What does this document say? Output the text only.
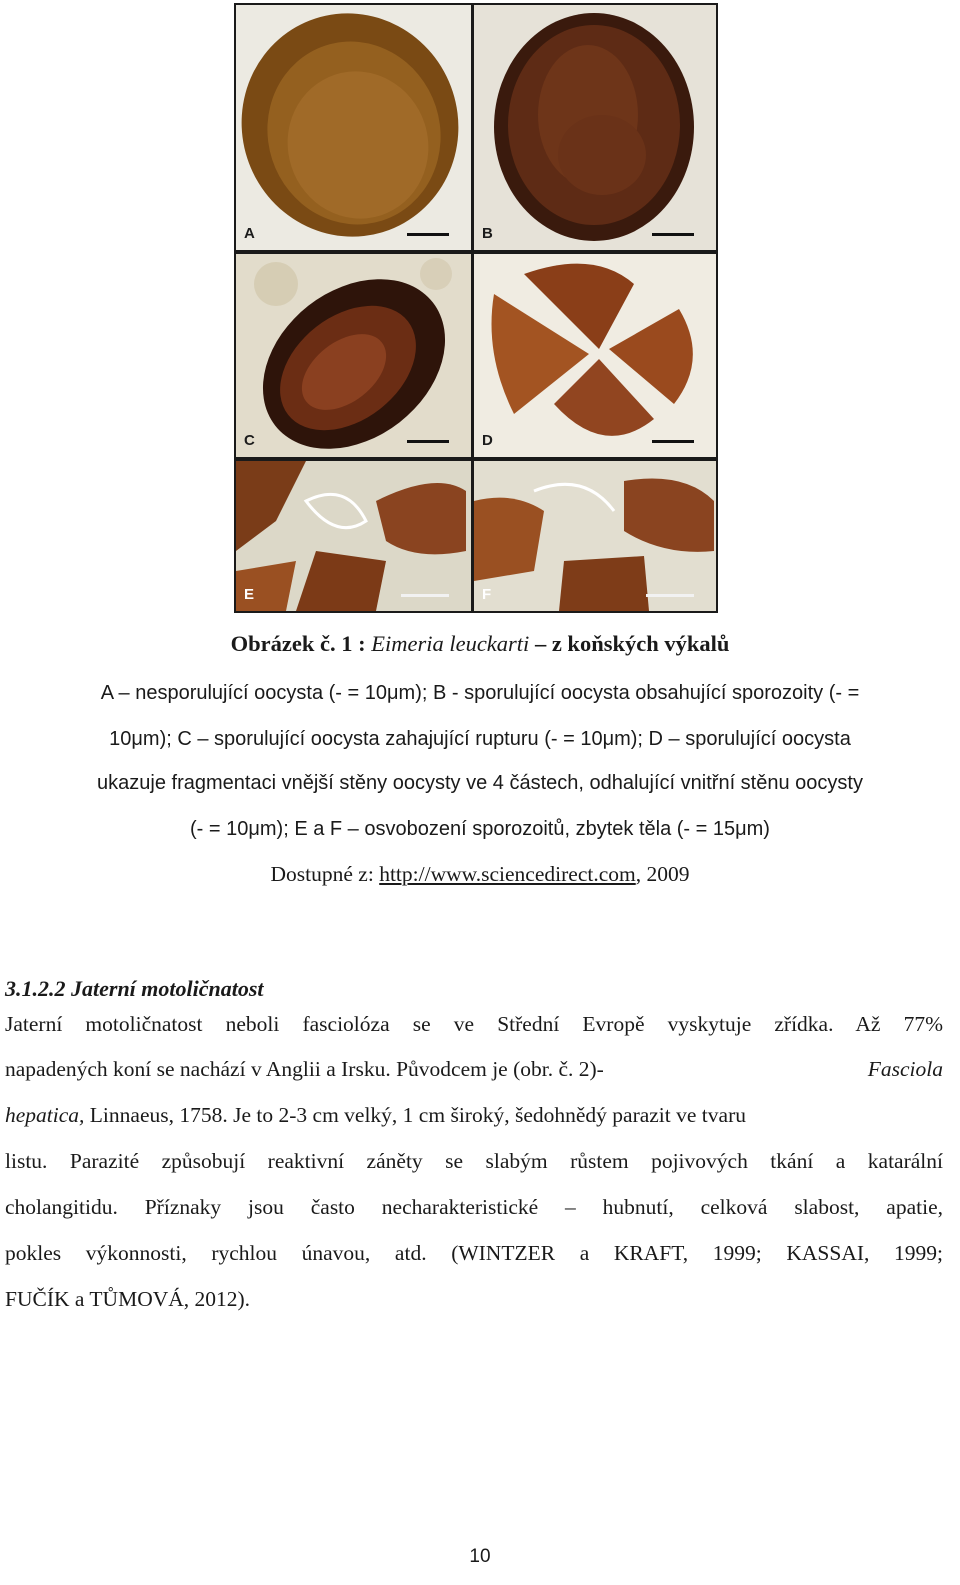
A	B
C	D
E	F
Obrázek č. 1 : Eimeria leuckarti – z koňských výkalů
A – nesporulující oocysta (- = 10μm); B - sporulující oocysta obsahující sporozoity (- =
10μm); C – sporulující oocysta zahajující rupturu (- = 10μm); D – sporulující oocysta
ukazuje fragmentaci vnější stěny oocysty ve 4 částech, odhalující vnitřní stěnu oocysty
(- = 10μm); E a F – osvobození sporozoitů, zbytek těla (- = 15μm)
Dostupné z: http://www.sciencedirect.com, 2009
3.1.2.2 Jaterní motoličnatost
Jaterní motoličnatost neboli fasciolóza se ve Střední Evropě vyskytuje zřídka. Až 77%
napadených koní se nachází v Anglii a Irsku. Původcem je (obr. č. 2)-	Fasciola
hepatica, Linnaeus, 1758. Je to 2-3 cm velký, 1 cm široký, šedohnědý parazit ve tvaru
listu. Parazité způsobují reaktivní záněty se slabým růstem pojivových tkání a katarální
cholangitidu. Příznaky jsou často necharakteristické – hubnutí, celková slabost, apatie,
pokles výkonnosti, rychlou únavou, atd. (WINTZER a KRAFT, 1999; KASSAI, 1999;
FUČÍK a TŮMOVÁ, 2012).
10
